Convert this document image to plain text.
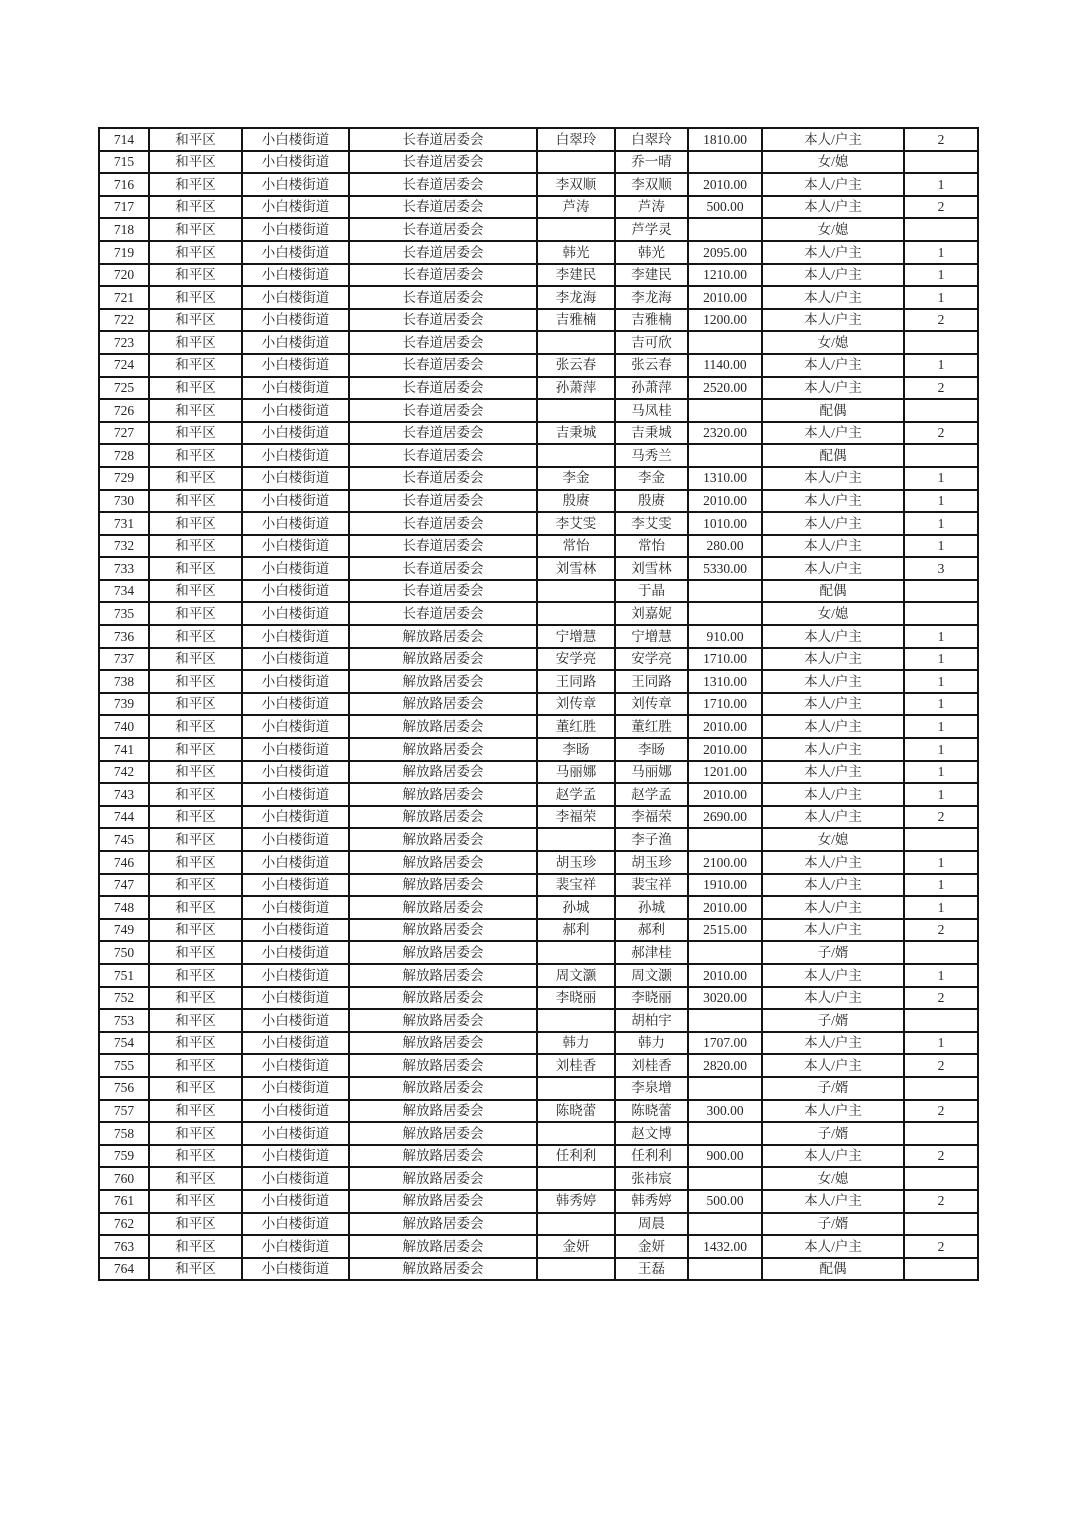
714	和平区	小白楼街道	长春道居委会	白翠玲	白翠玲	1810.00	本人/户主	2
715	和平区	小白楼街道	长春道居委会		乔一晴		女/媳	
716	和平区	小白楼街道	长春道居委会	李双顺	李双顺	2010.00	本人/户主	1
717	和平区	小白楼街道	长春道居委会	芦涛	芦涛	500.00	本人/户主	2
718	和平区	小白楼街道	长春道居委会		芦学灵		女/媳	
719	和平区	小白楼街道	长春道居委会	韩光	韩光	2095.00	本人/户主	1
720	和平区	小白楼街道	长春道居委会	李建民	李建民	1210.00	本人/户主	1
721	和平区	小白楼街道	长春道居委会	李龙海	李龙海	2010.00	本人/户主	1
722	和平区	小白楼街道	长春道居委会	吉雅楠	吉雅楠	1200.00	本人/户主	2
723	和平区	小白楼街道	长春道居委会		吉可欣		女/媳	
724	和平区	小白楼街道	长春道居委会	张云春	张云春	1140.00	本人/户主	1
725	和平区	小白楼街道	长春道居委会	孙萧萍	孙萧萍	2520.00	本人/户主	2
726	和平区	小白楼街道	长春道居委会		马凤桂		配偶	
727	和平区	小白楼街道	长春道居委会	吉秉城	吉秉城	2320.00	本人/户主	2
728	和平区	小白楼街道	长春道居委会		马秀兰		配偶	
729	和平区	小白楼街道	长春道居委会	李金	李金	1310.00	本人/户主	1
730	和平区	小白楼街道	长春道居委会	殷赓	殷赓	2010.00	本人/户主	1
731	和平区	小白楼街道	长春道居委会	李艾雯	李艾雯	1010.00	本人/户主	1
732	和平区	小白楼街道	长春道居委会	常怡	常怡	280.00	本人/户主	1
733	和平区	小白楼街道	长春道居委会	刘雪林	刘雪林	5330.00	本人/户主	3
734	和平区	小白楼街道	长春道居委会		于晶		配偶	
735	和平区	小白楼街道	长春道居委会		刘嘉妮		女/媳	
736	和平区	小白楼街道	解放路居委会	宁增慧	宁增慧	910.00	本人/户主	1
737	和平区	小白楼街道	解放路居委会	安学亮	安学亮	1710.00	本人/户主	1
738	和平区	小白楼街道	解放路居委会	王同路	王同路	1310.00	本人/户主	1
739	和平区	小白楼街道	解放路居委会	刘传章	刘传章	1710.00	本人/户主	1
740	和平区	小白楼街道	解放路居委会	董红胜	董红胜	2010.00	本人/户主	1
741	和平区	小白楼街道	解放路居委会	李旸	李旸	2010.00	本人/户主	1
742	和平区	小白楼街道	解放路居委会	马丽娜	马丽娜	1201.00	本人/户主	1
743	和平区	小白楼街道	解放路居委会	赵学孟	赵学孟	2010.00	本人/户主	1
744	和平区	小白楼街道	解放路居委会	李福荣	李福荣	2690.00	本人/户主	2
745	和平区	小白楼街道	解放路居委会		李子渔		女/媳	
746	和平区	小白楼街道	解放路居委会	胡玉珍	胡玉珍	2100.00	本人/户主	1
747	和平区	小白楼街道	解放路居委会	裴宝祥	裴宝祥	1910.00	本人/户主	1
748	和平区	小白楼街道	解放路居委会	孙城	孙城	2010.00	本人/户主	1
749	和平区	小白楼街道	解放路居委会	郝利	郝利	2515.00	本人/户主	2
750	和平区	小白楼街道	解放路居委会		郝津桂		子/婿	
751	和平区	小白楼街道	解放路居委会	周文灏	周文灏	2010.00	本人/户主	1
752	和平区	小白楼街道	解放路居委会	李晓丽	李晓丽	3020.00	本人/户主	2
753	和平区	小白楼街道	解放路居委会		胡柏宇		子/婿	
754	和平区	小白楼街道	解放路居委会	韩力	韩力	1707.00	本人/户主	1
755	和平区	小白楼街道	解放路居委会	刘桂香	刘桂香	2820.00	本人/户主	2
756	和平区	小白楼街道	解放路居委会		李泉增		子/婿	
757	和平区	小白楼街道	解放路居委会	陈晓蕾	陈晓蕾	300.00	本人/户主	2
758	和平区	小白楼街道	解放路居委会		赵文博		子/婿	
759	和平区	小白楼街道	解放路居委会	任利利	任利利	900.00	本人/户主	2
760	和平区	小白楼街道	解放路居委会		张祎宸		女/媳	
761	和平区	小白楼街道	解放路居委会	韩秀婷	韩秀婷	500.00	本人/户主	2
762	和平区	小白楼街道	解放路居委会		周晨		子/婿	
763	和平区	小白楼街道	解放路居委会	金妍	金妍	1432.00	本人/户主	2
764	和平区	小白楼街道	解放路居委会		王磊		配偶	
